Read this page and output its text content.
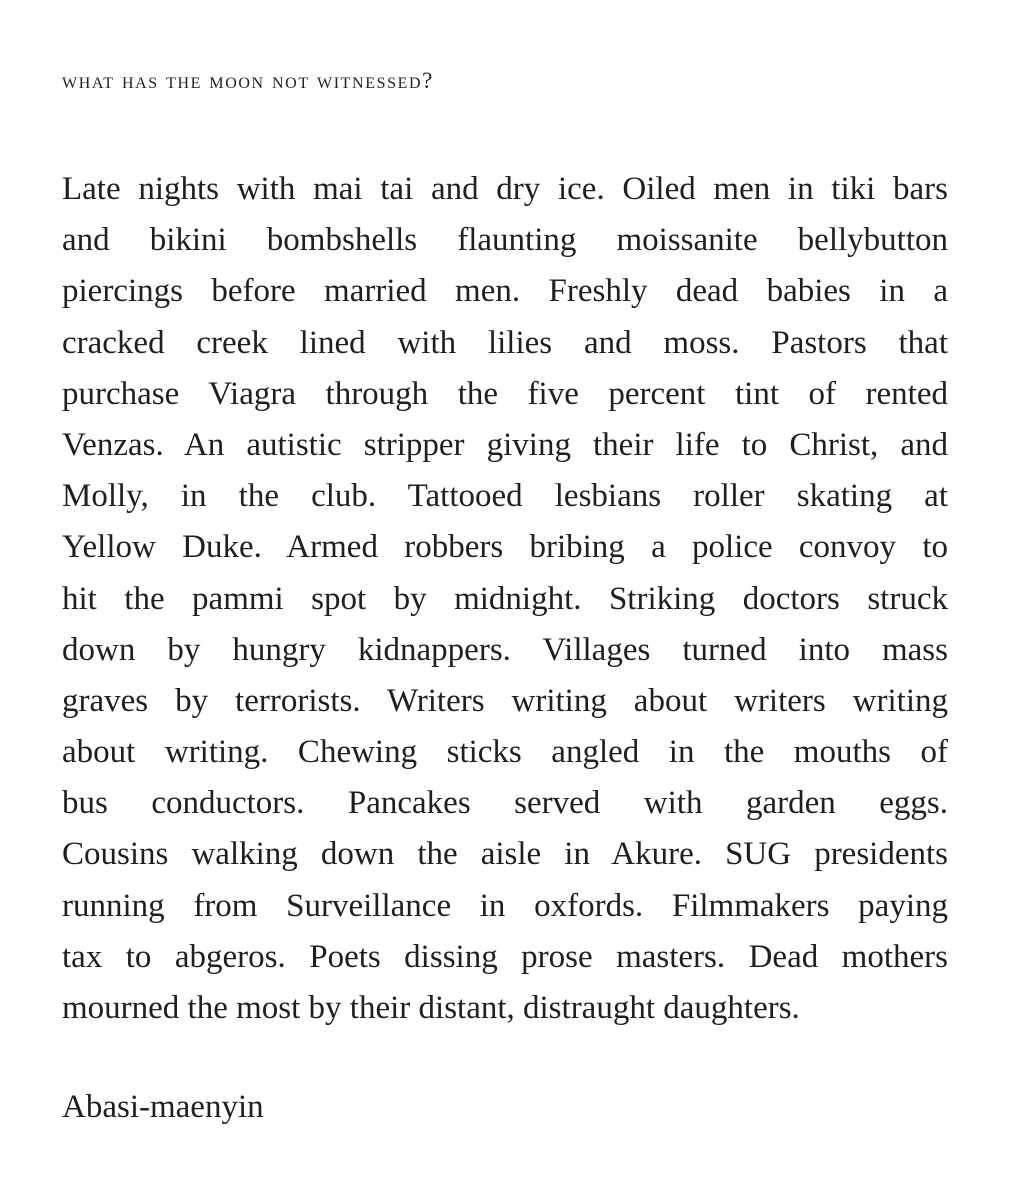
what has the moon not witnessed?
Late nights with mai tai and dry ice. Oiled men in tiki bars
and bikini bombshells flaunting moissanite bellybutton
piercings before married men. Freshly dead babies in a
cracked creek lined with lilies and moss. Pastors that
purchase Viagra through the five percent tint of rented
Venzas. An autistic stripper giving their life to Christ, and
Molly, in the club. Tattooed lesbians roller skating at
Yellow Duke. Armed robbers bribing a police convoy to
hit the pammi spot by midnight. Striking doctors struck
down by hungry kidnappers. Villages turned into mass
graves by terrorists. Writers writing about writers writing
about writing. Chewing sticks angled in the mouths of
bus conductors. Pancakes served with garden eggs.
Cousins walking down the aisle in Akure. SUG presidents
running from Surveillance in oxfords. Filmmakers paying
tax to abgeros. Poets dissing prose masters. Dead mothers
mourned the most by their distant, distraught daughters.

Abasi-maenyin
